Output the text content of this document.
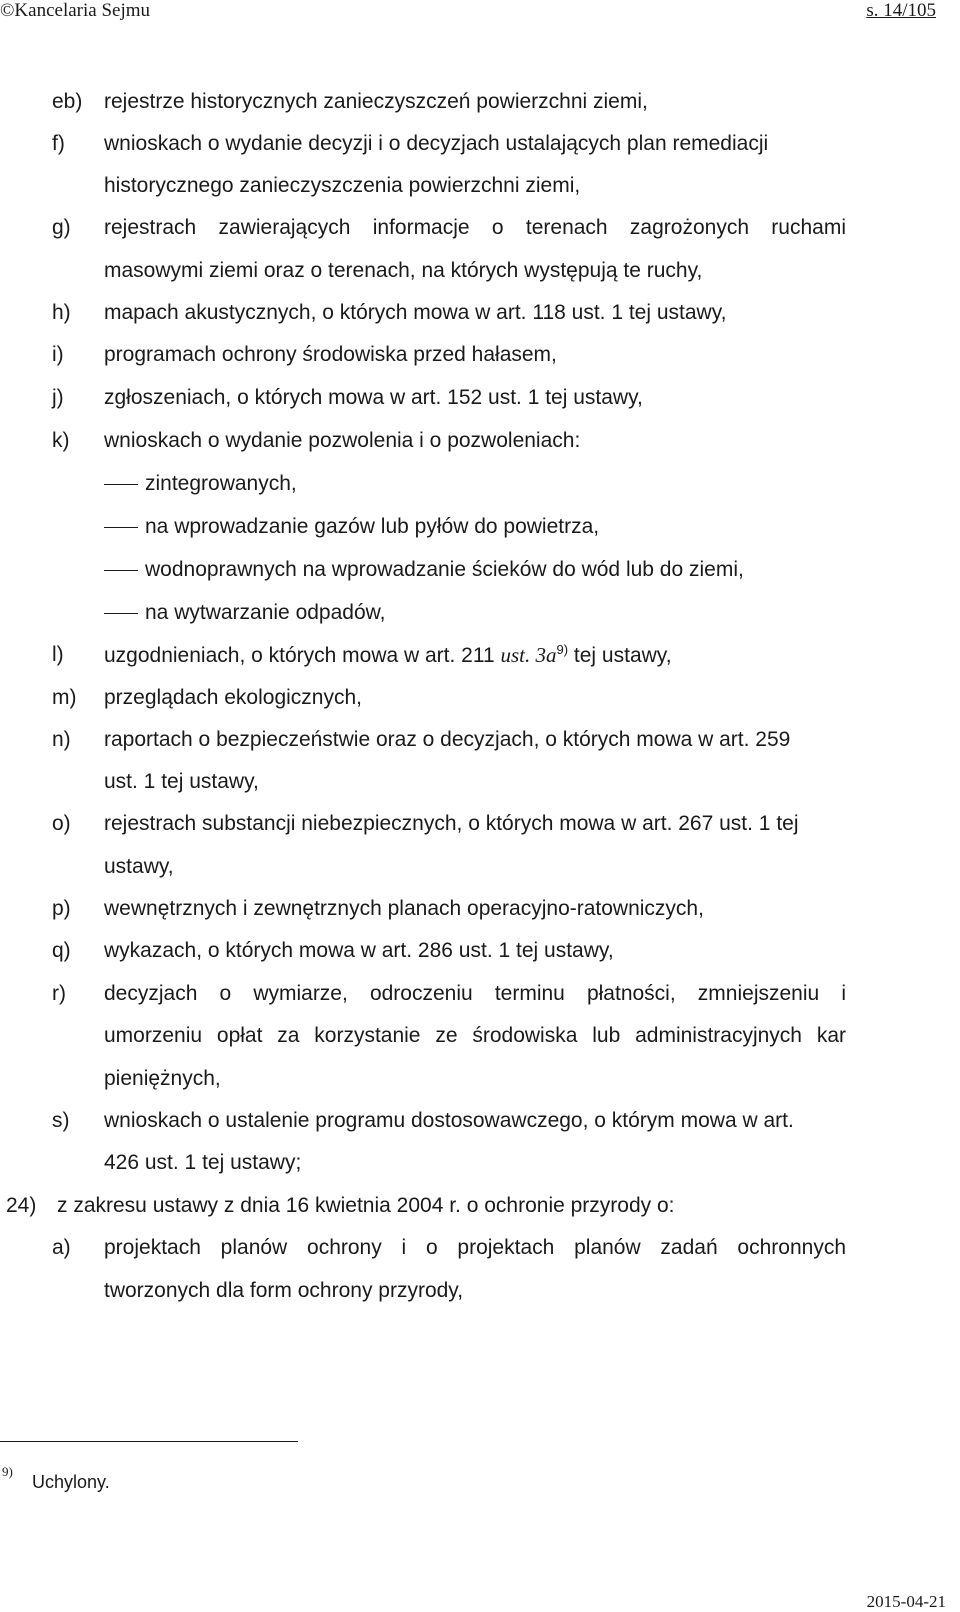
©Kancelaria Sejmu	s. 14/105
eb) rejestrze historycznych zanieczyszczeń powierzchni ziemi,
f) wnioskach o wydanie decyzji i o decyzjach ustalających plan remediacji
historycznego zanieczyszczenia powierzchni ziemi,
g) rejestrach zawierających informacje o terenach zagrożonych ruchami
masowymi ziemi oraz o terenach, na których występują te ruchy,
h) mapach akustycznych, o których mowa w art. 118 ust. 1 tej ustawy,
i) programach ochrony środowiska przed hałasem,
j) zgłoszeniach, o których mowa w art. 152 ust. 1 tej ustawy,
k) wnioskach o wydanie pozwolenia i o pozwoleniach:
zintegrowanych,
na wprowadzanie gazów lub pyłów do powietrza,
wodnoprawnych na wprowadzanie ścieków do wód lub do ziemi,
na wytwarzanie odpadów,
l) uzgodnieniach, o których mowa w art. 211 ust. $3a^{9)}$ tej ustawy,
m) przeglądach ekologicznych,
n) raportach o bezpieczeństwie oraz o decyzjach, o których mowa w art. 259
ust. 1 tej ustawy,
o) rejestrach substancji niebezpiecznych, o których mowa w art. 267 ust. 1 tej
ustawy,
p) wewnętrznych i zewnętrznych planach operacyjno-ratowniczych,
q) wykazach, o których mowa w art. 286 ust. 1 tej ustawy,
r) decyzjach o wymiarze, odroczeniu terminu płatności, zmniejszeniu i
umorzeniu opłat za korzystanie ze środowiska lub administracyjnych kar
pieniężnych,
s) wnioskach o ustalenie programu dostosowawczego, o którym mowa w art.
426 ust. 1 tej ustawy;
24) z zakresu ustawy z dnia 16 kwietnia 2004 r. o ochronie przyrody o:
a) projektach planów ochrony i o projektach planów zadań ochronnych
tworzonych dla form ochrony przyrody,
9)
Uchylony.
2015-04-21
